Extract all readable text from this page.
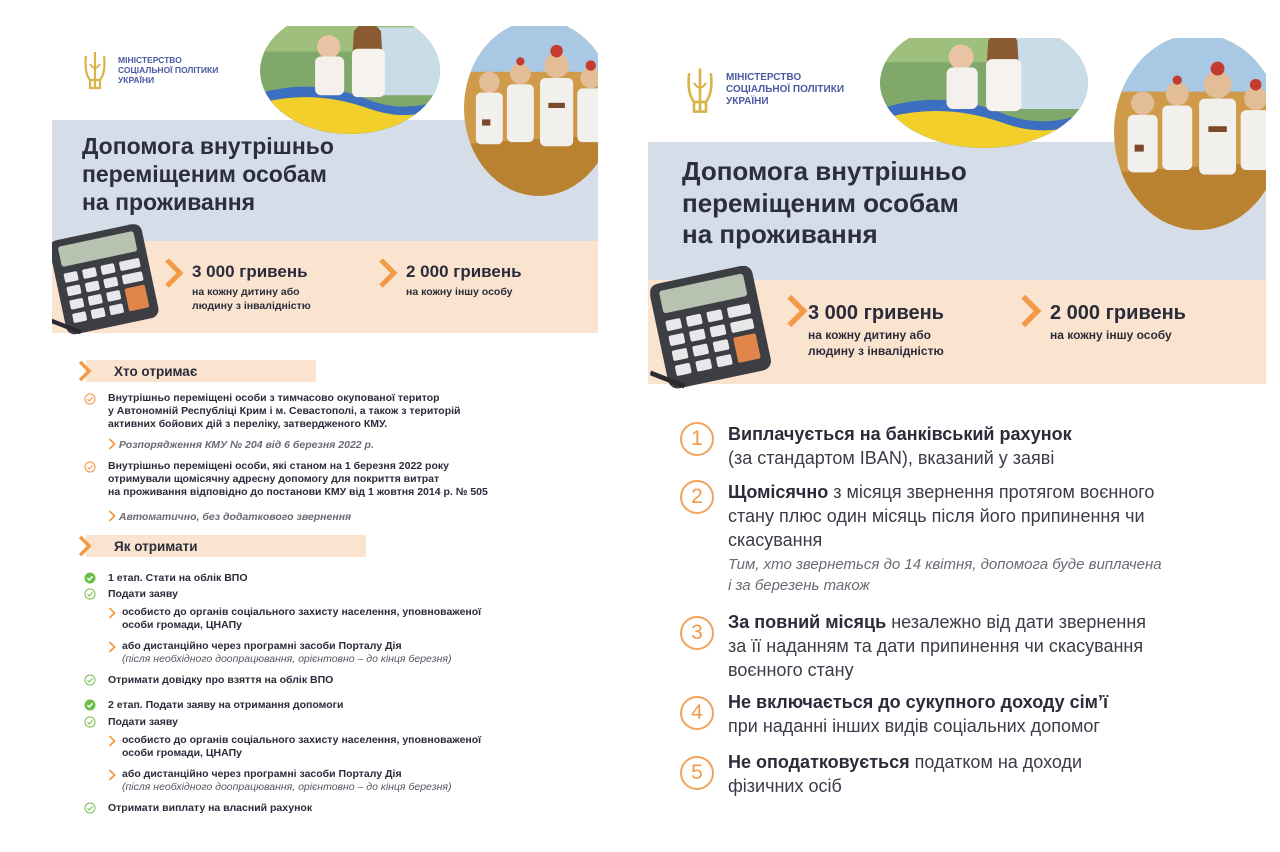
МІНІСТЕРСТВО
СОЦІАЛЬНОЇ ПОЛІТИКИ
УКРАЇНИ
Допомога внутрішньо
переміщеним особам
на проживання
3 000 гривень
на кожну дитину або
людину з інвалідністю
2 000 гривень
на кожну іншу особу
Хто отримає
Внутрішньо переміщені особи з тимчасово окупованої територ
у Автономній Республіці Крим і м. Севастополі, а також з територій
активних бойових дій з переліку, затвердженого КМУ.
Розпорядження КМУ № 204 від 6 березня 2022 р.
Внутрішньо переміщені особи, які станом на 1 березня 2022 року
отримували щомісячну адресну допомогу для покриття витрат
на проживання відповідно до постанови КМУ від 1 жовтня 2014 р. № 505
Автоматично, без додаткового звернення
Як отримати
1 етап. Стати на облік ВПО
Подати заяву
особисто до органів соціального захисту населення, уповноваженої
особи громади, ЦНАПу
або дистанційно через програмні засоби Порталу Дія
(після необхідного доопрацювання, орієнтовно – до кінця березня)
Отримати довідку про взяття на облік ВПО
2 етап. Подати заяву на отримання допомоги
Подати заяву
особисто до органів соціального захисту населення, уповноваженої
особи громади, ЦНАПу
або дистанційно через програмні засоби Порталу Дія
(після необхідного доопрацювання, орієнтовно – до кінця березня)
Отримати виплату на власний рахунок
МІНІСТЕРСТВО
СОЦІАЛЬНОЇ ПОЛІТИКИ
УКРАЇНИ
Допомога внутрішньо
переміщеним особам
на проживання
3 000 гривень
на кожну дитину або
людину з інвалідністю
2 000 гривень
на кожну іншу особу
1	Виплачується на банківський рахунок
(за стандартом IBAN), вказаний у заяві
2	Щомісячно з місяця звернення протягом воєнного
стану плюс один місяць після його припинення чи
скасування
Тим, хто звернеться до 14 квітня, допомога буде виплачена
і за березень також
3	За повний місяць незалежно від дати звернення
за її наданням та дати припинення чи скасування
воєнного стану
4	Не включається до сукупного доходу сім’ї
при наданні інших видів соціальних допомог
5	Не оподатковується податком на доходи
фізичних осіб
